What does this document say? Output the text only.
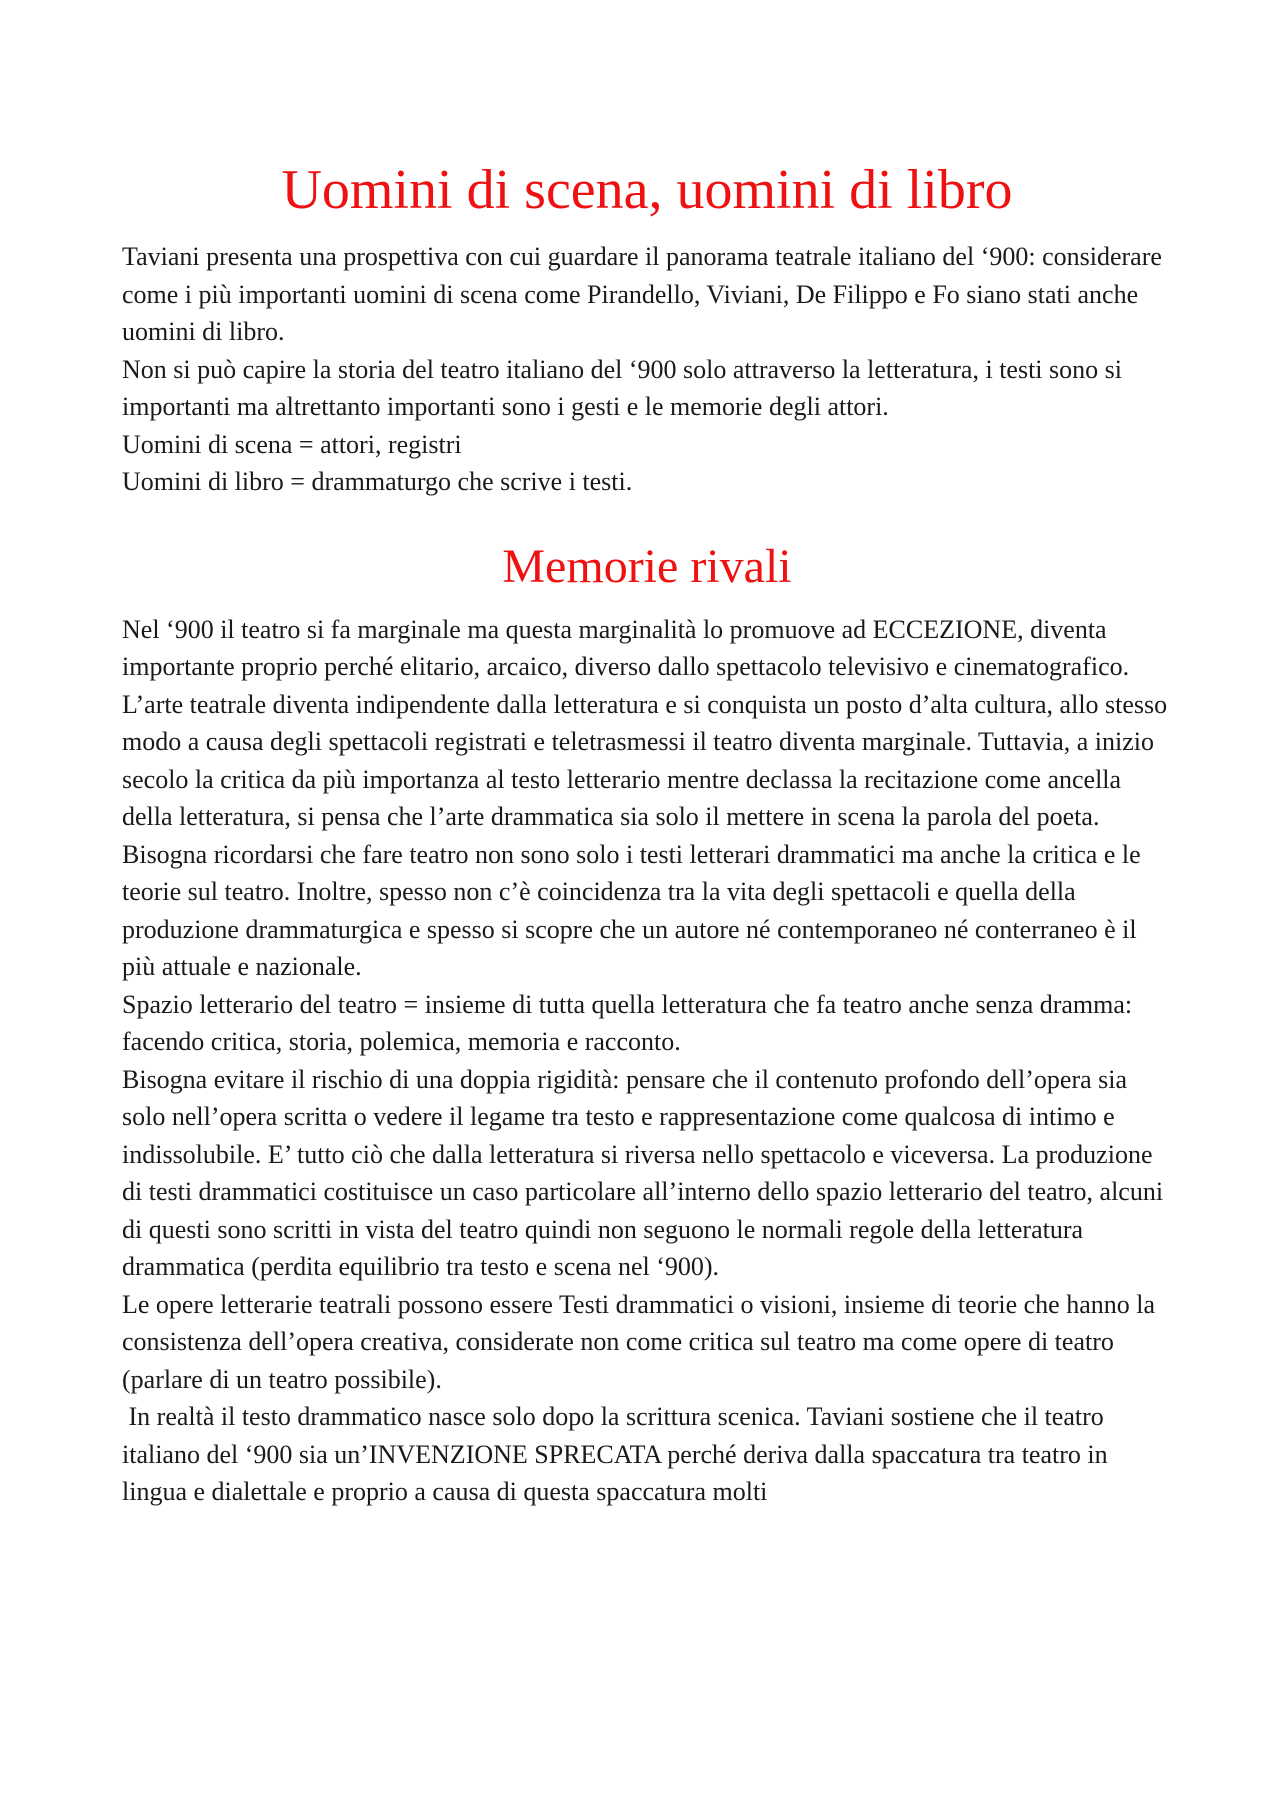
Uomini di scena, uomini di libro

Taviani presenta una prospettiva con cui guardare il panorama teatrale italiano del ‘900: considerare come i più importanti uomini di scena come Pirandello, Viviani, De Filippo e Fo siano stati anche uomini di libro.

Non si può capire la storia del teatro italiano del ‘900 solo attraverso la letteratura, i testi sono si importanti ma altrettanto importanti sono i gesti e le memorie degli attori.

Uomini di scena = attori, registri

Uomini di libro = drammaturgo che scrive i testi.

Memorie rivali

Nel ‘900 il teatro si fa marginale ma questa marginalità lo promuove ad ECCEZIONE, diventa importante proprio perché elitario, arcaico, diverso dallo spettacolo televisivo e cinematografico. L’arte teatrale diventa indipendente dalla letteratura e si conquista un posto d’alta cultura, allo stesso modo a causa degli spettacoli registrati e teletrasmessi il teatro diventa marginale. Tuttavia, a inizio secolo la critica da più importanza al testo letterario mentre declassa la recitazione come ancella della letteratura, si pensa che l’arte drammatica sia solo il mettere in scena la parola del poeta.

Bisogna ricordarsi che fare teatro non sono solo i testi letterari drammatici ma anche la critica e le teorie sul teatro. Inoltre, spesso non c’è coincidenza tra la vita degli spettacoli e quella della produzione drammaturgica e spesso si scopre che un autore né contemporaneo né conterraneo è il più attuale e nazionale.

Spazio letterario del teatro = insieme di tutta quella letteratura che fa teatro anche senza dramma: facendo critica, storia, polemica, memoria e racconto.

Bisogna evitare il rischio di una doppia rigidità: pensare che il contenuto profondo dell’opera sia solo nell’opera scritta o vedere il legame tra testo e rappresentazione come qualcosa di intimo e indissolubile. E’ tutto ciò che dalla letteratura si riversa nello spettacolo e viceversa. La produzione di testi drammatici costituisce un caso particolare all’interno dello spazio letterario del teatro, alcuni di questi sono scritti in vista del teatro quindi non seguono le normali regole della letteratura drammatica (perdita equilibrio tra testo e scena nel ‘900).

Le opere letterarie teatrali possono essere Testi drammatici o visioni, insieme di teorie che hanno la consistenza dell’opera creativa, considerate non come critica sul teatro ma come opere di teatro (parlare di un teatro possibile).

In realtà il testo drammatico nasce solo dopo la scrittura scenica. Taviani sostiene che il teatro italiano del ‘900 sia un’INVENZIONE SPRECATA perché deriva dalla spaccatura tra teatro in lingua e dialettale e proprio a causa di questa spaccatura molti
